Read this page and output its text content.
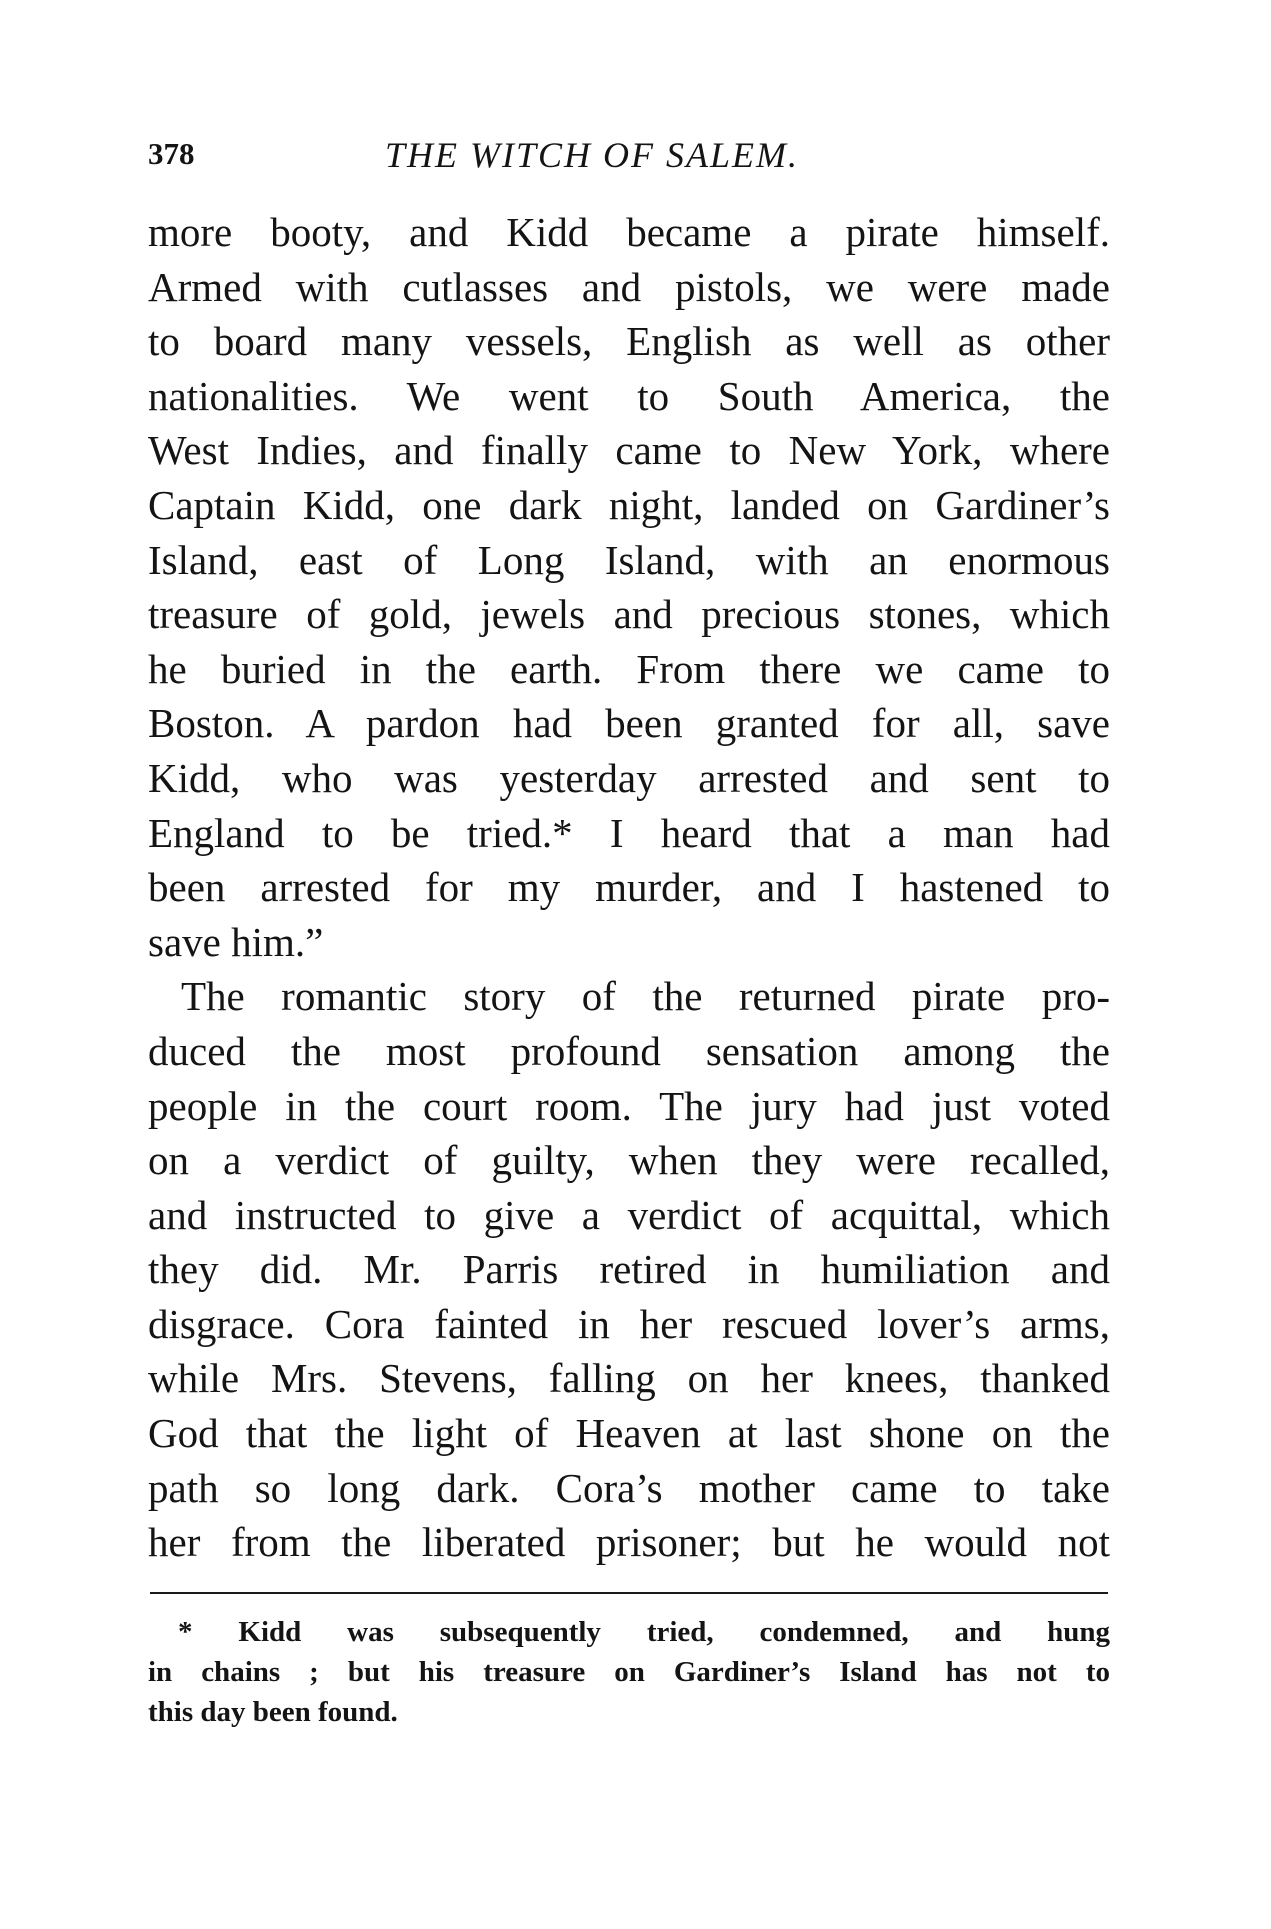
378	THE WITCH OF SALEM.
more booty, and Kidd became a pirate himself.
Armed with cutlasses and pistols, we were made
to board many vessels, English as well as other
nationalities. We went to South America, the
West Indies, and finally came to New York, where
Captain Kidd, one dark night, landed on Gardiner’s
Island, east of Long Island, with an enormous
treasure of gold, jewels and precious stones, which
he buried in the earth. From there we came to
Boston. A pardon had been granted for all, save
Kidd, who was yesterday arrested and sent to
England to be tried.* I heard that a man had
been arrested for my murder, and I hastened to
save him.”
The romantic story of the returned pirate pro-
duced the most profound sensation among the
people in the court room. The jury had just voted
on a verdict of guilty, when they were recalled,
and instructed to give a verdict of acquittal, which
they did. Mr. Parris retired in humiliation and
disgrace. Cora fainted in her rescued lover’s arms,
while Mrs. Stevens, falling on her knees, thanked
God that the light of Heaven at last shone on the
path so long dark. Cora’s mother came to take
her from the liberated prisoner; but he would not
* Kidd was subsequently tried, condemned, and hung
in chains ; but his treasure on Gardiner’s Island has not to
this day been found.
